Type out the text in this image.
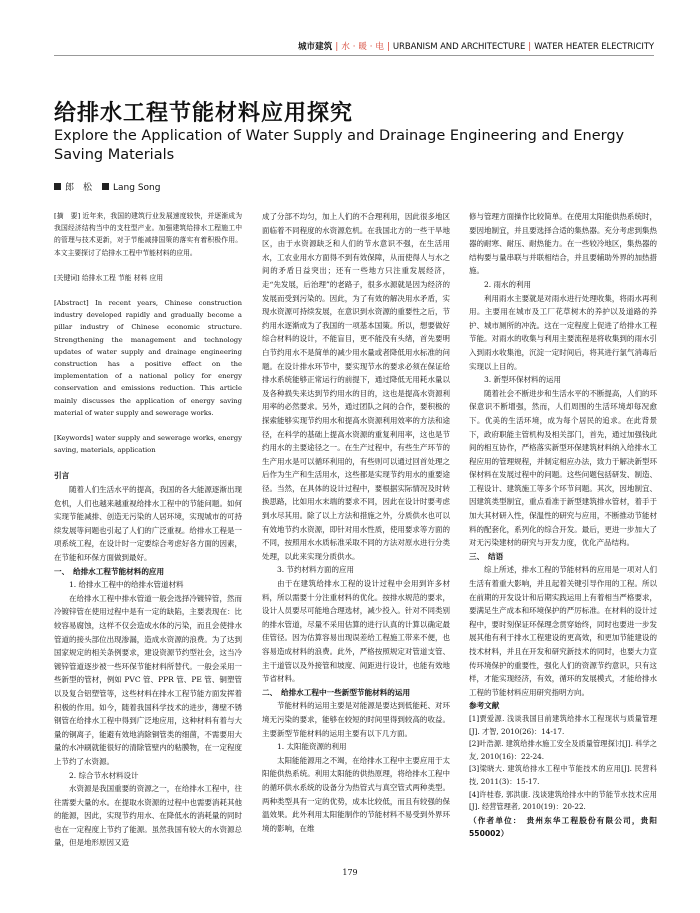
城市建筑 | 水 · 暖 · 电 | URBANISM AND ARCHITECTURE | WATER HEATER ELECTRICITY
给排水工程节能材料应用探究
Explore the Application of Water Supply and Drainage Engineering and Energy Saving Materials
郎　松 Lang Song

[摘　要] 近年来，我国的建筑行业发展速度较快，并逐渐成为我国经济结构当中的支柱型产业。加强建筑给排水工程施工中的管理与技术更新，对于节能减排国策的落实有着积极作用。本文主要探讨了给排水工程中节能材料的应用。

[关键词] 给排水工程 节能 材料 应用

[Abstract] In recent years, Chinese construction industry developed rapidly and gradually become a pillar industry of Chinese economic structure. Strengthening the management and technology updates of water supply and drainage engineering construction has a positive effect on the implementation of a national policy for energy conservation and emissions reduction. This article mainly discusses the application of energy saving material of water supply and sewerage works.

[Keywords] water supply and sewerage works, energy saving, materials, application

引言

随着人们生活水平的提高，我国的各大能源逐渐出现危机，人们也越来越重视给排水工程中的节能问题。如何实现节能减排、创造无污染的人居环境，实现城市的可持续发展等问题也引起了人们的广泛重视。给排水工程是一项系统工程，在设计时一定要综合考虑好各方面的因素，在节能和环保方面做到最好。

一、　给排水工程节能材料的应用

1. 给排水工程中的给排水管道材料

在给排水工程中排水管道一般会选择冷镀锌管，然而冷镀锌管在使用过程中是有一定的缺陷，主要表现在：比较容易腐蚀，这样不仅会造成水体的污染，而且会使排水管道的接头部位出现渗漏，造成水资源的浪费。为了达到国家规定的相关条例要求，建设资源节约型社会，这当冷镀锌管道逐步被一些环保节能材料所替代。一般会采用一些新型的管材，例如 PVC 管、PPR 管、PE 管、铜塑管以及复合铝塑管等，这些材料在排水工程节能方面发挥着积极的作用。如今，随着我国科学技术的进步，薄壁不锈钢管在给排水工程中得到广泛地应用，这种材料有着与大量的铜离子，能避有效地消除铜管类的细菌，不需要用大量的水冲刷就能很好的清除管壁内的粘膜物，在一定程度上节约了水资源。

2. 综合节水材料设计

水资源是我国重要的资源之一，在给排水工程中，往往需要大量的水。在提取水资源的过程中也需要消耗其他的能源，因此，实现节约用水、在降低水的消耗量的同时也在一定程度上节约了能源。虽然我国有较大的水资源总量，但是地形原因又造

成了分部不均匀，加上人们的不合理利用，因此很多地区面临着不同程度的水资源危机。在我国北方的一些干旱地区，由于水资源缺乏和人们的节水意识不强，在生活用水，工农业用水方面得不到有效保障，从而使得人与水之间的矛盾日益突出；还有一些地方只注重发展经济，走“先发展，后治理”的老路子，很多水源就是因为经济的发展而受到污染的。因此，为了有效的解决用水矛盾，实现水资源可持续发展，在意识到水资源的重要性之后，节约用水逐渐成为了我国的一项基本国策。所以，想要做好综合材料的设计，不能盲目，更不能没有头绪，首先要明白节约用水不是简单的减少用水量或者降低用水标准的问题。在设计排水环节中，要实现节水的要求必须在保证给排水系统能够正常运行的前提下，通过降低无用耗水量以及各种损失来达到节约用水的目的，这也是提高水资源利用率的必然要求。另外，通过团队之间的合作，要积极的探索能够实现节约用水和提高水资源利用效率的方法和途径，在科学的基础上提高水资源的重复利用率，这也是节约用水的主要途径之一。在生产过程中，有些生产环节的生产用水是可以循环利用的，有些则可以通过回首处理之后作为生产和生活用水，这些都是实现节约用水的重要途径。当然，在具体的设计过程中，要根据实际情况及时转换思路，比如用水末端的要求不同，因此在设计时要考虑到水尽其用。除了以上方法和措施之外，分质供水也可以有效地节约水资源，即针对用水性质，使用要求等方面的不同，按照用水水质标准采取不同的方法对原水进行分类处理，以此来实现分质供水。

3. 节约材料方面的应用

由于在建筑给排水工程的设计过程中会用到许多材料，所以需要十分注重材料的优化。按排水规范的要求，设计人员要尽可能地合理选材，减少投入。针对不同类别的排水管道，尽量不采用估算的进行认真的计算以确定最佳管径。因为估算容易出现误差给工程施工带来不便，也容易造成材料的浪费。此外，严格按照规定对管道支管、主干道管以及外接管和坡度、间距进行设计，也能有效地节省材料。

二、　给排水工程中一些新型节能材料的运用

节能材料的运用主要是对能源是要达到低能耗、对环境无污染的要求，能够在较短的时间里得到较高的收益。主要新型节能材料的运用主要有以下几方面。

1. 太阳能资源的利用

太阳能能源用之不竭，在给排水工程中主要应用于太阳能供热系统。利用太阳能的供热原理，将给排水工程中的循环供水系统的设备分为热管式与真空管式两种类型。两种类型具有一定的优势，成本比较低，而且有较强的保温效果。此外利用太阳能制作的节能材料不易受到外界环境的影响，在维

修与管理方面操作比较简单。在使用太阳能供热系统时，要因地制宜，并且要选择合适的集热器。充分考虑到集热器的耐寒、耐压、耐热能力。在一些较冷地区，集热器的结构要与量串联与并联相结合，并且要辅助外界的加热措施。

2. 雨水的利用

利用雨水主要就是对雨水进行处理收集，将雨水再利用。主要用在城市及工厂花草树木的养护以及道路的养护、城市厕所的冲洗。这在一定程度上促进了给排水工程节能。对雨水的收集与利用主要流程是将收集到的雨水引入到雨水收集池，沉淀一定时间后，将其进行氯气消毒后实现以上目的。

3. 新型环保材料的运用

随着社会不断进步和生活水平的不断提高，人们的环保意识不断增强，然而，人们周围的生活环境却每况愈下。优美的生活环境，成为每个居民的追求。在此背景下，政府职能主管机构及相关部门，首先，通过加强钱此间的相互协作，严格落实新型环保建筑材料纳入给排水工程应用的管理规程，并制定相应办法，致力于解决新型环保材料在发展过程中的问题。这些问题包括研发、制造、工程设计、建筑施工等多个环节问题。其次，因地制宜、因建筑类型制宜，重点看准于新型建筑排水管材，着手于加大其材研入性，保温性的研究与应用，不断推动节能材料的配套化，系列化的综合开发。最后，更进一步加大了对无污染建材的研究与开发力度，优化产品结构。

三、　结语

综上所述，排水工程的节能材料的应用是一项对人们生活有着重大影响，并且起着关键引导作用的工程。所以在前期的开发设计和后期实践运用上有着相当严格要求，要满足生产成本和环境保护的严厉标准。在材料的设计过程中，要时刻保证环保理念贯穿始终，同时也要进一步发展其他有利于排水工程建设的更高效，和更加节能建设的技术材料，并且在开发和研究新技术的同时，也要大力宣传环境保护的重要性，强化人们的资源节约意识，只有这样，才能实现经济，有效，循环的发展模式，才能给排水工程的节能材料应用研究指明方向。

参考文献

[1]贾爱源. 浅谈我国目前建筑给排水工程现状与质量管理[J]. 才智, 2010(26)：14-17.

[2]叶浩源. 建筑给排水施工安全及质量管理探讨[J]. 科学之友, 2010(16)：22-24.

[3]梁晓大. 建筑给排水工程中节能技术的应用[J]. 民营科技, 2011(3)：15-17.

[4]许桂春, 郭洪康. 浅谈建筑给排水中的节能节水技术应用[J]. 经营管理者, 2010(19)：20-22.

（作者单位：　贵州东华工程股份有限公司，贵阳550002）

179
